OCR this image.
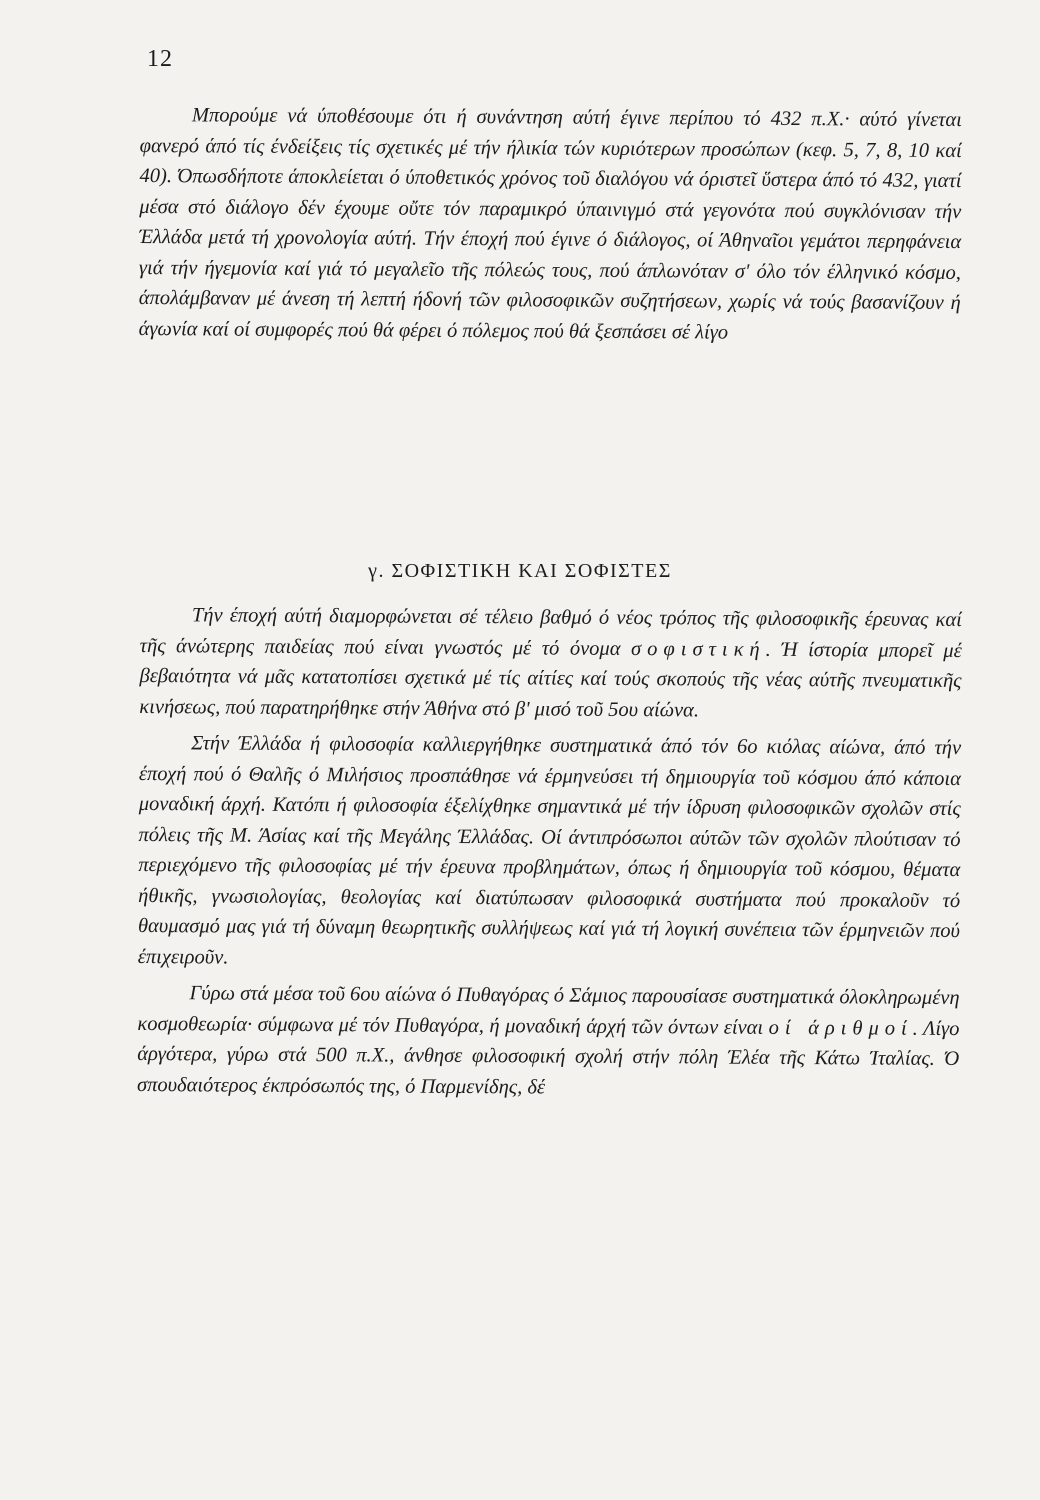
12

Μπορούμε νά ύποθέσουμε ότι ή συνάντηση αύτή έγινε περίπου τό 432 π.Χ.· αύτό γίνεται φανερό άπό τίς ένδείξεις τίς σχετικές μέ τήν ήλικία τών κυριότερων προσώπων (κεφ. 5, 7, 8, 10 καί 40). Όπωσδήποτε άποκλείεται ό ύποθετικός χρόνος τοῦ διαλόγου νά όριστεῖ ὕστερα άπό τό 432, γιατί μέσα στό διάλογο δέν έχουμε οὔτε τόν παραμικρό ύπαινιγμό στά γεγονότα πού συγκλόνισαν τήν Έλλάδα μετά τή χρονολογία αύτή. Τήν έποχή πού έγινε ό διάλογος, οί Άθηναῖοι γεμάτοι περηφάνεια γιά τήν ήγεμονία καί γιά τό μεγαλεῖο τῆς πόλεώς τους, πού άπλωνόταν σ' όλο τόν έλληνικό κόσμο, άπολάμβαναν μέ άνεση τή λεπτή ήδονή τῶν φιλοσοφικῶν συζητήσεων, χωρίς νά τούς βασανίζουν ή άγωνία καί οί συμφορές πού θά φέρει ό πόλεμος πού θά ξεσπάσει σέ λίγο

γ. ΣΟΦΙΣΤΙΚΗ ΚΑΙ ΣΟΦΙΣΤΕΣ

Τήν έποχή αύτή διαμορφώνεται σέ τέλειο βαθμό ό νέος τρόπος τῆς φιλοσοφικῆς έρευνας καί τῆς άνώτερης παιδείας πού είναι γνωστός μέ τό όνομα σοφιστική. Ή ίστορία μπορεῖ μέ βεβαιότητα νά μᾶς κατατοπίσει σχετικά μέ τίς αίτίες καί τούς σκοπούς τῆς νέας αύτῆς πνευματικῆς κινήσεως, πού παρατηρήθηκε στήν Άθήνα στό β' μισό τοῦ 5ου αίώνα.

Στήν Έλλάδα ή φιλοσοφία καλλιεργήθηκε συστηματικά άπό τόν 6ο κιόλας αίώνα, άπό τήν έποχή πού ό Θαλῆς ό Μιλήσιος προσπάθησε νά έρμηνεύσει τή δημιουργία τοῦ κόσμου άπό κάποια μοναδική άρχή. Κατόπι ή φιλοσοφία έξελίχθηκε σημαντικά μέ τήν ίδρυση φιλοσοφικῶν σχολῶν στίς πόλεις τῆς Μ. Άσίας καί τῆς Μεγάλης Έλλάδας. Οί άντιπρόσωποι αύτῶν τῶν σχολῶν πλούτισαν τό περιεχόμενο τῆς φιλοσοφίας μέ τήν έρευνα προβλημάτων, όπως ή δημιουργία τοῦ κόσμου, θέματα ήθικῆς, γνωσιολογίας, θεολογίας καί διατύπωσαν φιλοσοφικά συστήματα πού προκαλοῦν τό θαυμασμό μας γιά τή δύναμη θεωρητικῆς συλλήψεως καί γιά τή λογική συνέπεια τῶν έρμηνειῶν πού έπιχειροῦν.

Γύρω στά μέσα τοῦ 6ου αίώνα ό Πυθαγόρας ό Σάμιος παρουσίασε συστηματικά όλοκληρωμένη κοσμοθεωρία· σύμφωνα μέ τόν Πυθαγόρα, ή μοναδική άρχή τῶν όντων είναι οί άριθμοί. Λίγο άργότερα, γύρω στά 500 π.Χ., άνθησε φιλοσοφική σχολή στήν πόλη Έλέα τῆς Κάτω Ίταλίας. Ό σπουδαιότερος έκπρόσωπός της, ό Παρμενίδης, δέ
